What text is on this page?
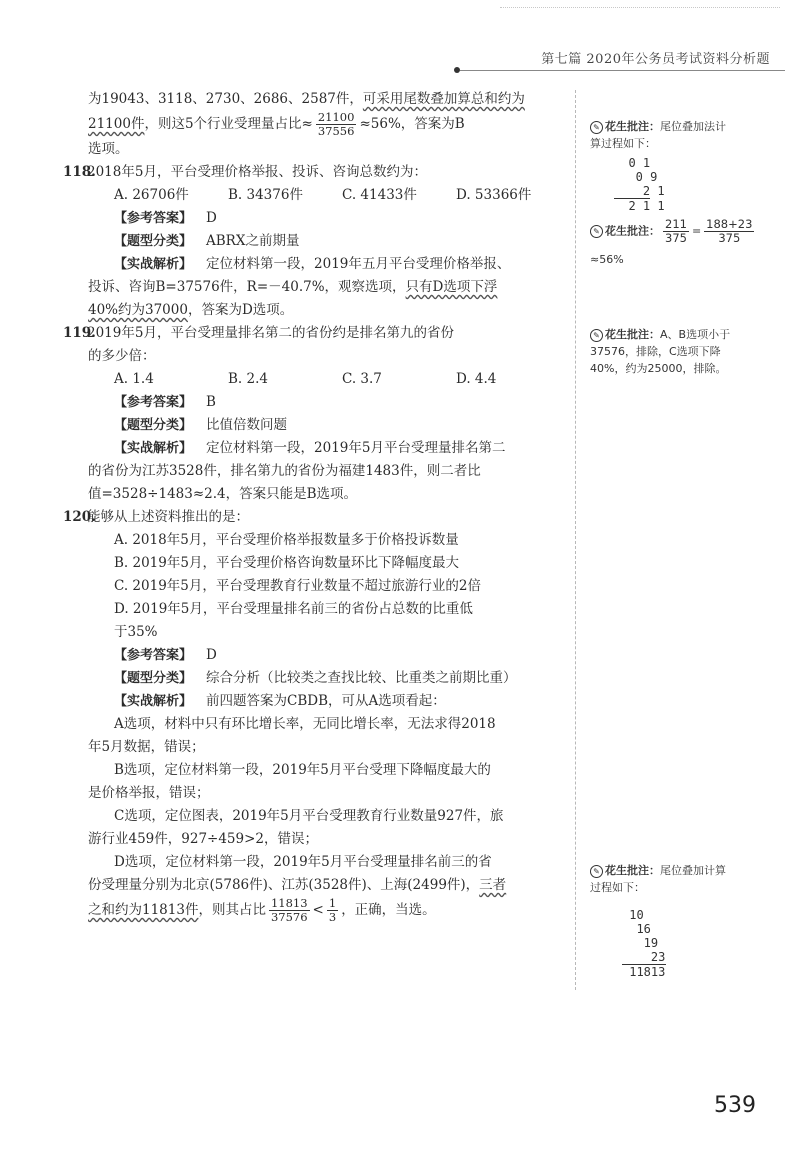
第七篇 2020年公务员考试资料分析题

为19043、3118、2730、2686、2587件，可采用尾数叠加算总和约为

21100件，则这5个行业受理量占比≈ $\frac{21100}{37556} \approx 56\%$，答案为B

选项。

118.2018年5月，平台受理价格举报、投诉、咨询总数约为：

A. 26706件	B. 34376件	C. 41433件	D. 53366件

【参考答案】 D

【题型分类】 ABRX之前期量

【实战解析】 定位材料第一段，2019年五月平台受理价格举报、

投诉、咨询B=37576件，R=－40.7%，观察选项，只有D选项下浮

40%约为37000，答案为D选项。

119.2019年5月，平台受理量排名第二的省份约是排名第九的省份

的多少倍：

A. 1.4	B. 2.4	C. 3.7	D. 4.4

【参考答案】 B

【题型分类】 比值倍数问题

【实战解析】 定位材料第一段，2019年5月平台受理量排名第二

的省份为江苏3528件，排名第九的省份为福建1483件，则二者比

值=3528÷1483≈2.4，答案只能是B选项。

120.能够从上述资料推出的是：

A. 2018年5月，平台受理价格举报数量多于价格投诉数量

B. 2019年5月，平台受理价格咨询数量环比下降幅度最大

C. 2019年5月，平台受理教育行业数量不超过旅游行业的2倍

D. 2019年5月，平台受理量排名前三的省份占总数的比重低

于35%

【参考答案】 D

【题型分类】 综合分析（比较类之查找比较、比重类之前期比重）

【实战解析】 前四题答案为CBDB，可从A选项看起：

A选项，材料中只有环比增长率，无同比增长率，无法求得2018

年5月数据，错误；

B选项，定位材料第一段，2019年5月平台受理下降幅度最大的

是价格举报，错误；

C选项，定位图表，2019年5月平台受理教育行业数量927件，旅

游行业459件，927÷459>2，错误；

D选项，定位材料第一段，2019年5月平台受理量排名前三的省

份受理量分别为北京(5786件)、江苏(3528件)、上海(2499件)，三者

之和约为11813件，则其占比 $\frac{11813}{37576} < \frac{1}{3}$ ，正确，当选。

✎ 花生批注：尾位叠加法计
算过程如下：
0 1
0 9
2 1
2 1 1
✎ 花生批注： $\frac{211}{375} = \frac{188+23}{375}$
≈56%
✎ 花生批注：A、B选项小于
37576，排除，C选项下降
40%，约为25000，排除。
✎ 花生批注：尾位叠加计算
过程如下：
10
16
19
23
11813
539
